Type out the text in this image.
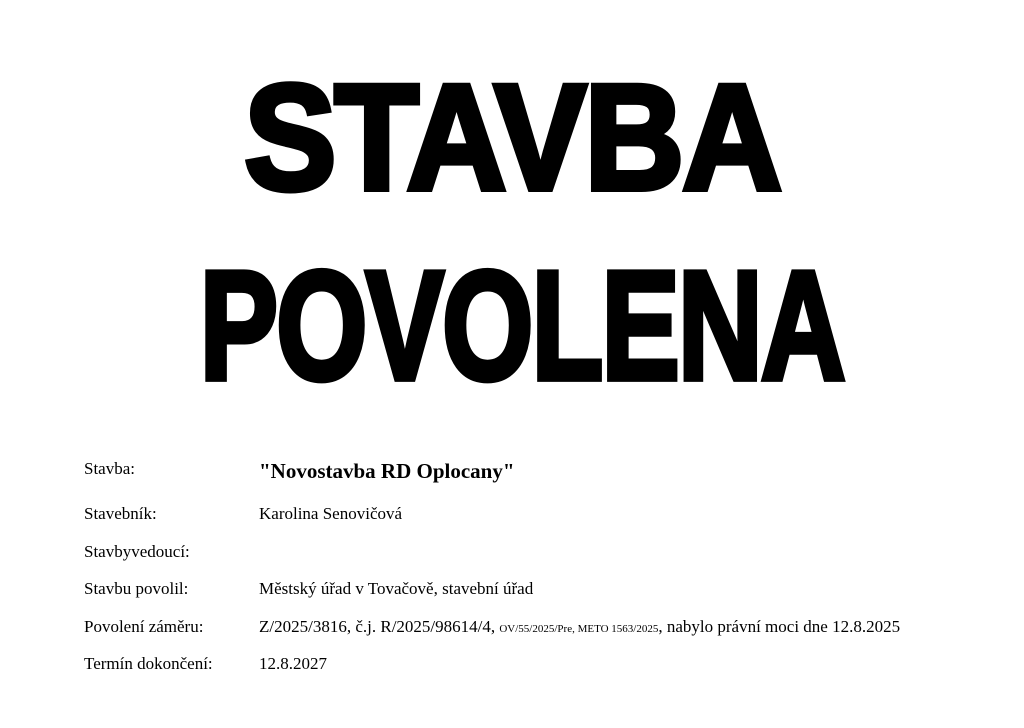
STAVBA
POVOLENA
Stavba:	"Novostavba RD Oplocany"
Stavebník:	Karolina Senovičová
Stavbyvedoucí:
Stavbu povolil:	Městský úřad v Tovačově, stavební úřad
Povolení záměru:	Z/2025/3816, č.j. R/2025/98614/4, OV/55/2025/Pre, METO 1563/2025, nabylo právní moci dne 12.8.2025
Termín dokončení:	12.8.2027
